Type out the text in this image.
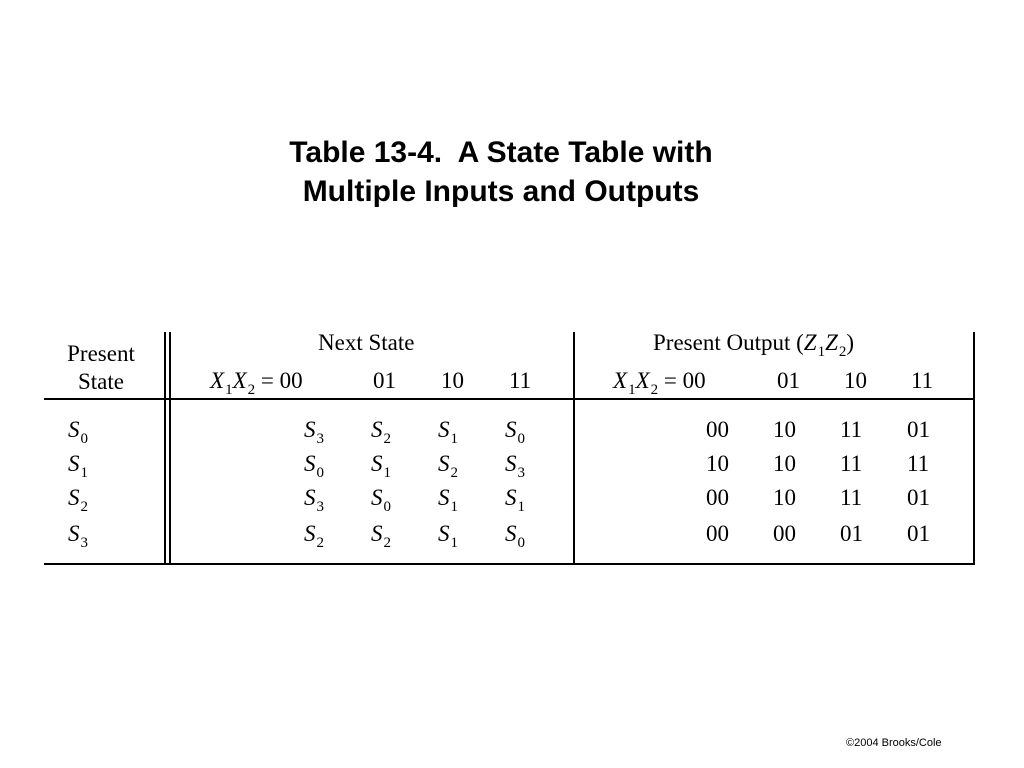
Table 13-4.  A State Table with
Multiple Inputs and Outputs
Present
State
Next State	Present Output $(Z_1Z_2)$
$X_1X_2 = 00$	01 10 11	$X_1X_2 = 00$	01 10 11
$S_0$	$S_3$ $S_2$ $S_1$ $S_0$	00 10 11 01
$S_1$	$S_0$ $S_1$ $S_2$ $S_3$	10 10 11 11
$S_2$	$S_3$ $S_0$ $S_1$ $S_1$	00 10 11 01
$S_3$	$S_2$ $S_2$ $S_1$ $S_0$	00 00 01 01
©2004 Brooks/Cole
